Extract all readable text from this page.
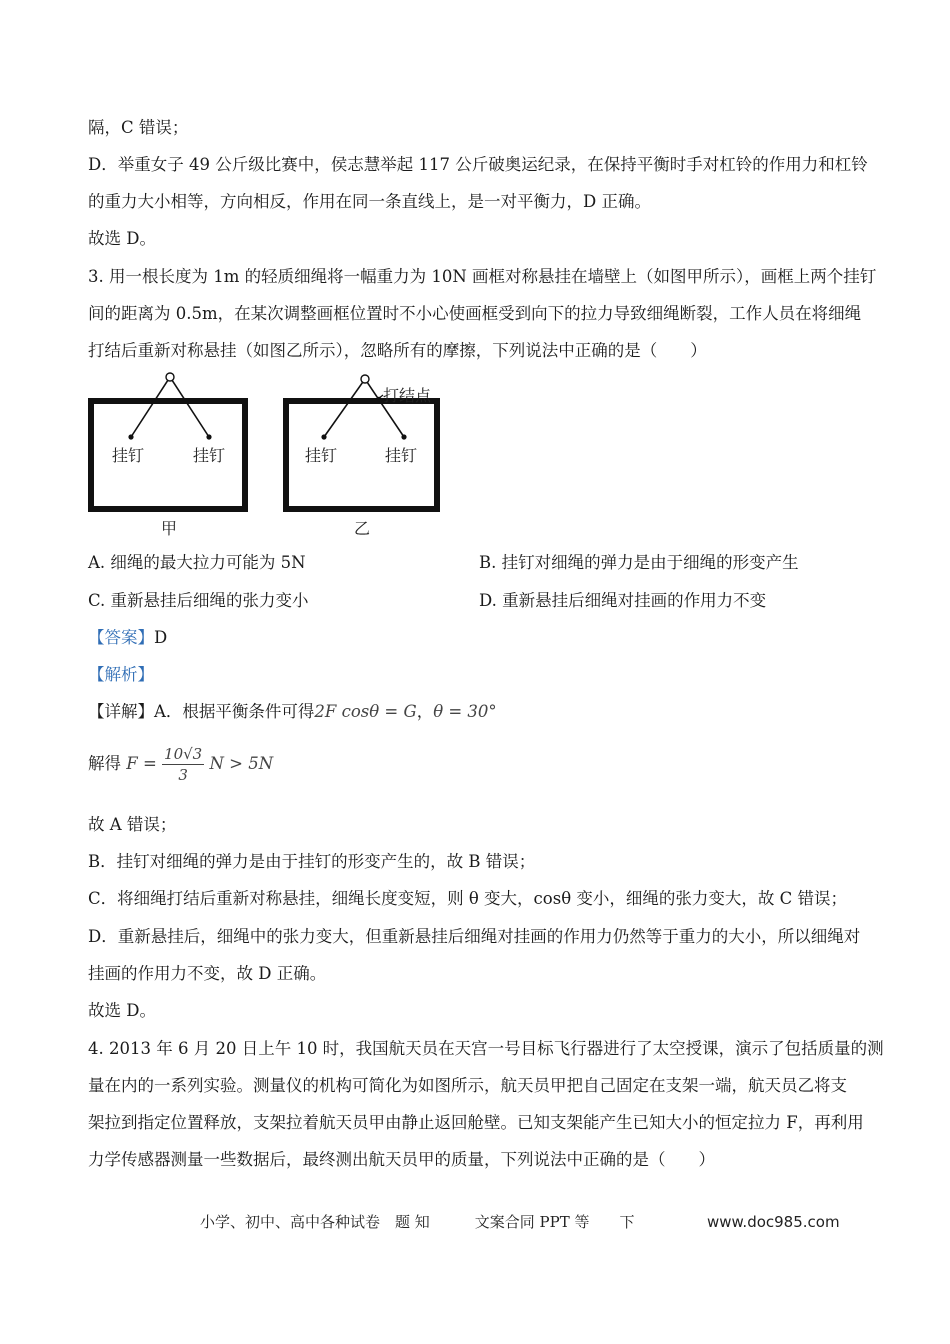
隔，C 错误；
D．举重女子 49 公斤级比赛中，侯志慧举起 117 公斤破奥运纪录，在保持平衡时手对杠铃的作用力和杠铃
的重力大小相等，方向相反，作用在同一条直线上，是一对平衡力，D 正确。
故选 D。
3. 用一根长度为 1m 的轻质细绳将一幅重力为 10N 画框对称悬挂在墙壁上（如图甲所示），画框上两个挂钉
间的距离为 0.5m，在某次调整画框位置时不小心使画框受到向下的拉力导致细绳断裂，工作人员在将细绳
打结后重新对称悬挂（如图乙所示），忽略所有的摩擦，下列说法中正确的是（　　）
挂钉	挂钉
甲
打结点
挂钉	挂钉
乙
A. 细绳的最大拉力可能为 5N	B. 挂钉对细绳的弹力是由于细绳的形变产生
C. 重新悬挂后细绳的张力变小	D. 重新悬挂后细绳对挂画的作用力不变
【答案】D
【解析】
【详解】A．根据平衡条件可得2F cosθ = G，θ = 30°
解得 $F = \frac{10√3}{3}$ N > 5N
故 A 错误；
B．挂钉对细绳的弹力是由于挂钉的形变产生的，故 B 错误；
C．将细绳打结后重新对称悬挂，细绳长度变短，则 θ 变大，cosθ 变小，细绳的张力变大，故 C 错误；
D．重新悬挂后，细绳中的张力变大，但重新悬挂后细绳对挂画的作用力仍然等于重力的大小，所以细绳对
挂画的作用力不变，故 D 正确。
故选 D。
4. 2013 年 6 月 20 日上午 10 时，我国航天员在天宫一号目标飞行器进行了太空授课，演示了包括质量的测
量在内的一系列实验。测量仪的机构可简化为如图所示，航天员甲把自己固定在支架一端，航天员乙将支
架拉到指定位置释放，支架拉着航天员甲由静止返回舱壁。已知支架能产生已知大小的恒定拉力 F，再利用
力学传感器测量一些数据后，最终测出航天员甲的质量，下列说法中正确的是（　　）
小学、初中、高中各种试卷　题 知　　　文案合同 PPT 等　　下	www.doc985.com
